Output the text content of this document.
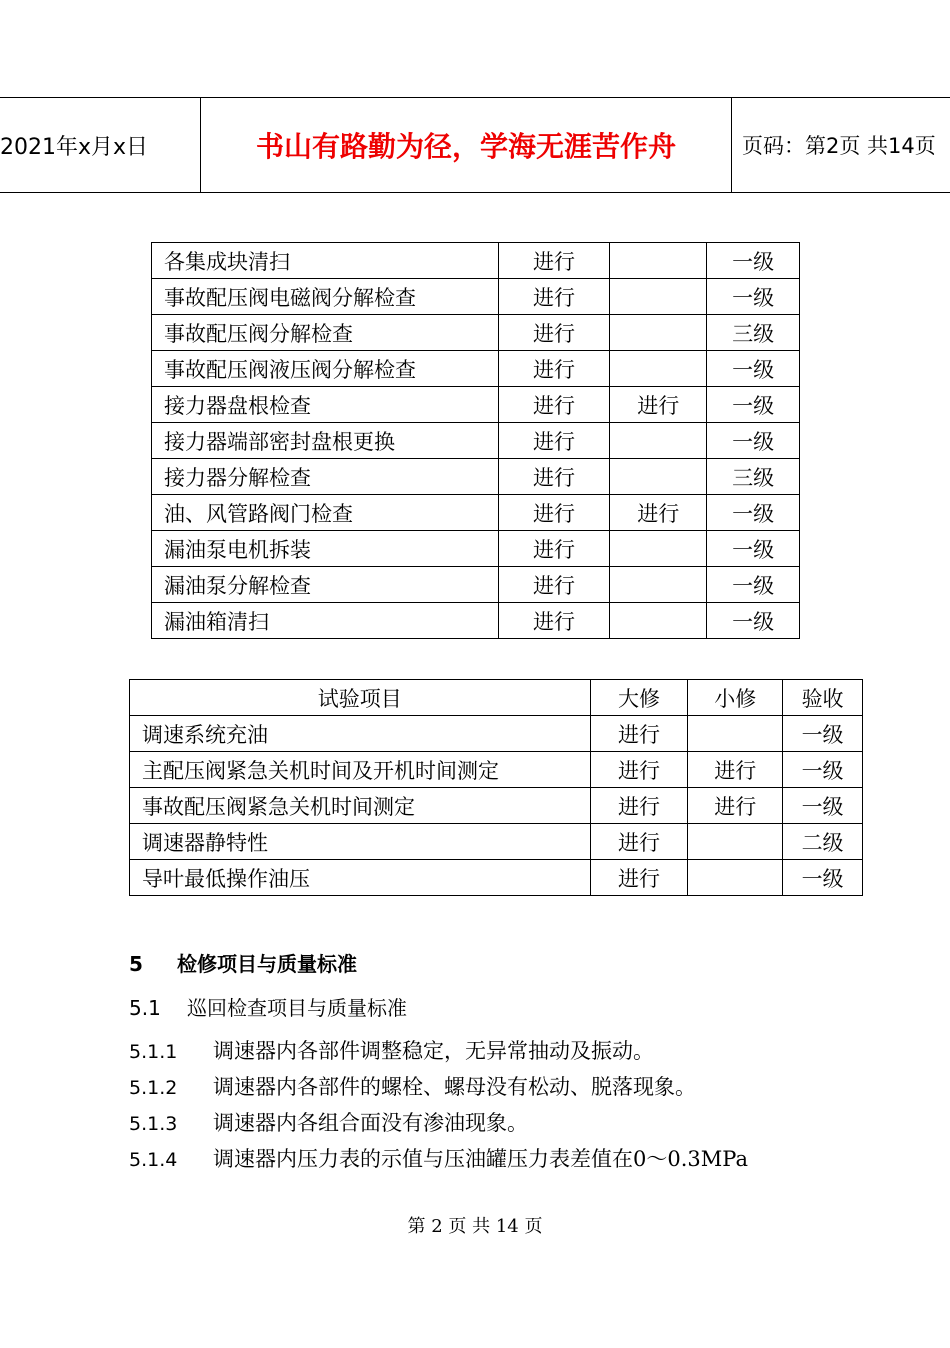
2021年x月x日	书山有路勤为径，学海无涯苦作舟	页码：第2页 共14页
各集成块清扫	进行		一级
事故配压阀电磁阀分解检查	进行		一级
事故配压阀分解检查	进行		三级
事故配压阀液压阀分解检查	进行		一级
接力器盘根检查	进行	进行	一级
接力器端部密封盘根更换	进行		一级
接力器分解检查	进行		三级
油、风管路阀门检查	进行	进行	一级
漏油泵电机拆装	进行		一级
漏油泵分解检查	进行		一级
漏油箱清扫	进行		一级
试验项目	大修	小修	验收
调速系统充油	进行		一级
主配压阀紧急关机时间及开机时间测定	进行	进行	一级
事故配压阀紧急关机时间测定	进行	进行	一级
调速器静特性	进行		二级
导叶最低操作油压	进行		一级
5 检修项目与质量标准
5.1 巡回检查项目与质量标准
5.1.1 调速器内各部件调整稳定，无异常抽动及振动。
5.1.2 调速器内各部件的螺栓、螺母没有松动、脱落现象。
5.1.3 调速器内各组合面没有渗油现象。
5.1.4 调速器内压力表的示值与压油罐压力表差值在0～0.3MPa
第 2 页 共 14 页
